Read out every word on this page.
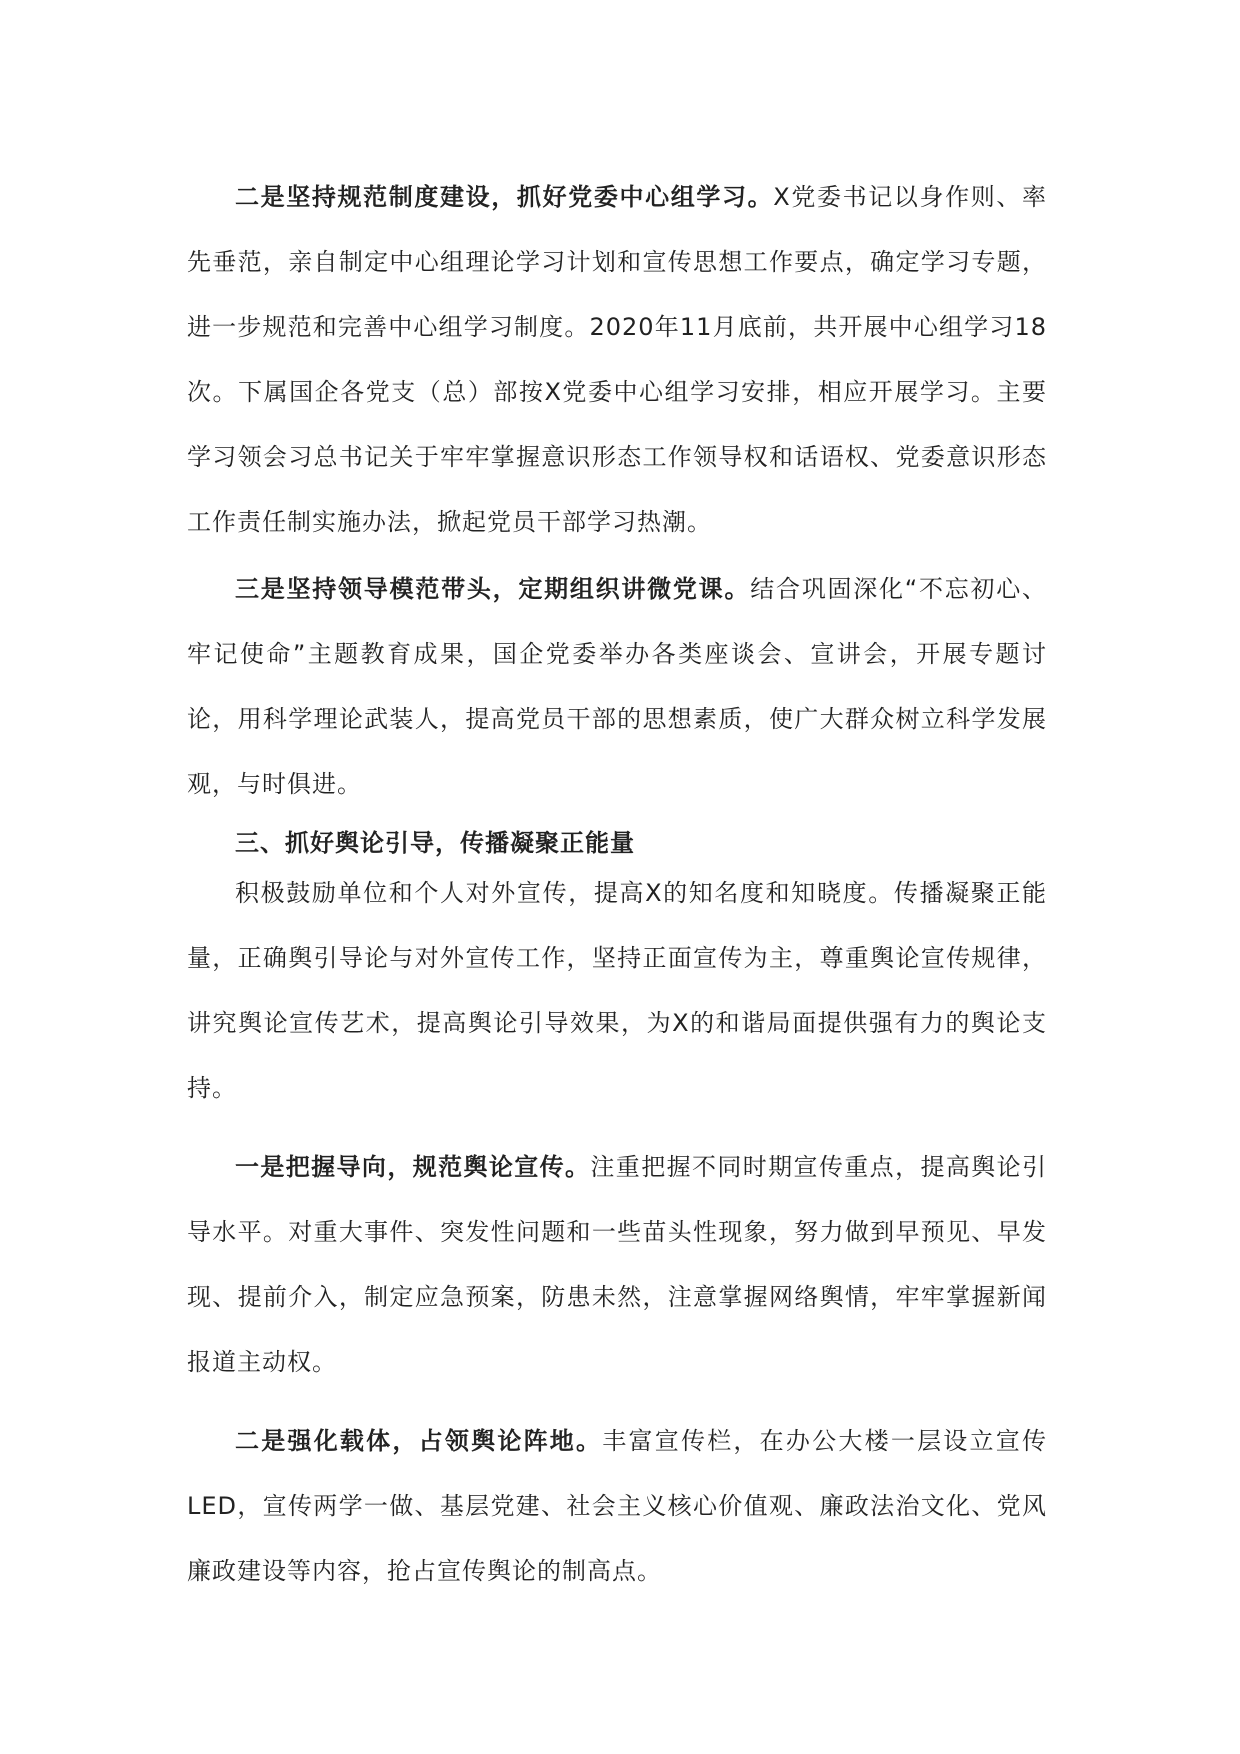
二是坚持规范制度建设，抓好党委中心组学习。X党委书记以身作则、率先垂范，亲自制定中心组理论学习计划和宣传思想工作要点，确定学习专题，进一步规范和完善中心组学习制度。2020年11月底前，共开展中心组学习18次。下属国企各党支（总）部按X党委中心组学习安排，相应开展学习。主要学习领会习总书记关于牢牢掌握意识形态工作领导权和话语权、党委意识形态工作责任制实施办法，掀起党员干部学习热潮。

三是坚持领导模范带头，定期组织讲微党课。结合巩固深化“不忘初心、牢记使命”主题教育成果，国企党委举办各类座谈会、宣讲会，开展专题讨论，用科学理论武装人，提高党员干部的思想素质，使广大群众树立科学发展观，与时俱进。

三、抓好舆论引导，传播凝聚正能量

积极鼓励单位和个人对外宣传，提高X的知名度和知晓度。传播凝聚正能量，正确舆引导论与对外宣传工作，坚持正面宣传为主，尊重舆论宣传规律，讲究舆论宣传艺术，提高舆论引导效果，为X的和谐局面提供强有力的舆论支持。

一是把握导向，规范舆论宣传。注重把握不同时期宣传重点，提高舆论引导水平。对重大事件、突发性问题和一些苗头性现象，努力做到早预见、早发现、提前介入，制定应急预案，防患未然，注意掌握网络舆情，牢牢掌握新闻报道主动权。

二是强化载体，占领舆论阵地。丰富宣传栏，在办公大楼一层设立宣传LED，宣传两学一做、基层党建、社会主义核心价值观、廉政法治文化、党风廉政建设等内容，抢占宣传舆论的制高点。
